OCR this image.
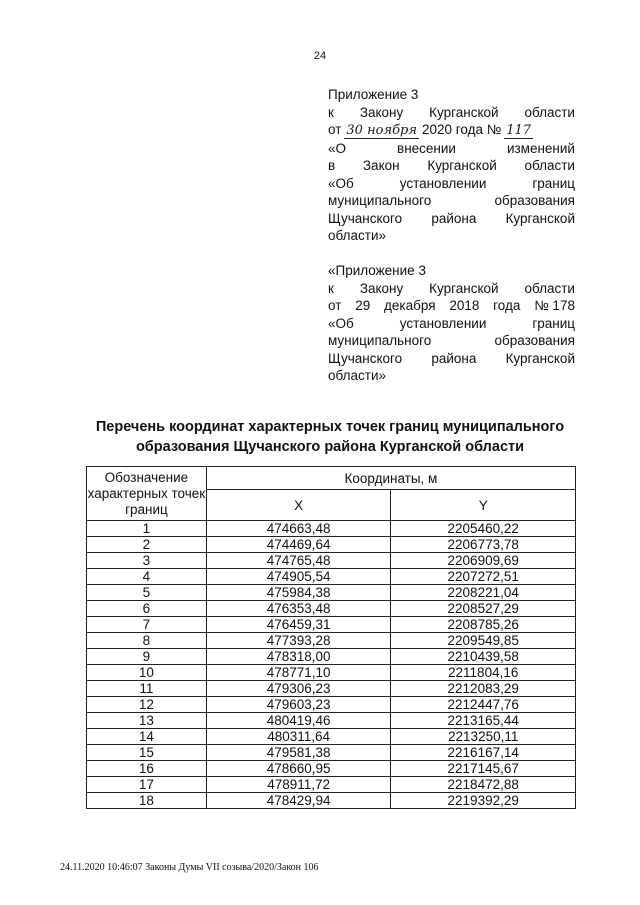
24
Приложение 3
к Закону Курганской области
от 30 ноября 2020 года № 117
«О	внесении	изменений
в Закон Курганской области
«Об	установлении	границ
муниципального	образования
Щучанского района Курганской
области»
«Приложение 3
к Закону Курганской области
от 29 декабря 2018 года № 178
«Об	установлении	границ
муниципального	образования
Щучанского района Курганской
области»
Перечень координат характерных точек границ муниципального
образования Щучанского района Курганской области
Обозначение характерных точек границ	Координаты, м	
	X	Y
1	474663,48	2205460,22
2	474469,64	2206773,78
3	474765,48	2206909,69
4	474905,54	2207272,51
5	475984,38	2208221,04
6	476353,48	2208527,29
7	476459,31	2208785,26
8	477393,28	2209549,85
9	478318,00	2210439,58
10	478771,10	2211804,16
11	479306,23	2212083,29
12	479603,23	2212447,76
13	480419,46	2213165,44
14	480311,64	2213250,11
15	479581,38	2216167,14
16	478660,95	2217145,67
17	478911,72	2218472,88
18	478429,94	2219392,29
24.11.2020 10:46:07 Законы Думы VII созыва/2020/Закон 106
